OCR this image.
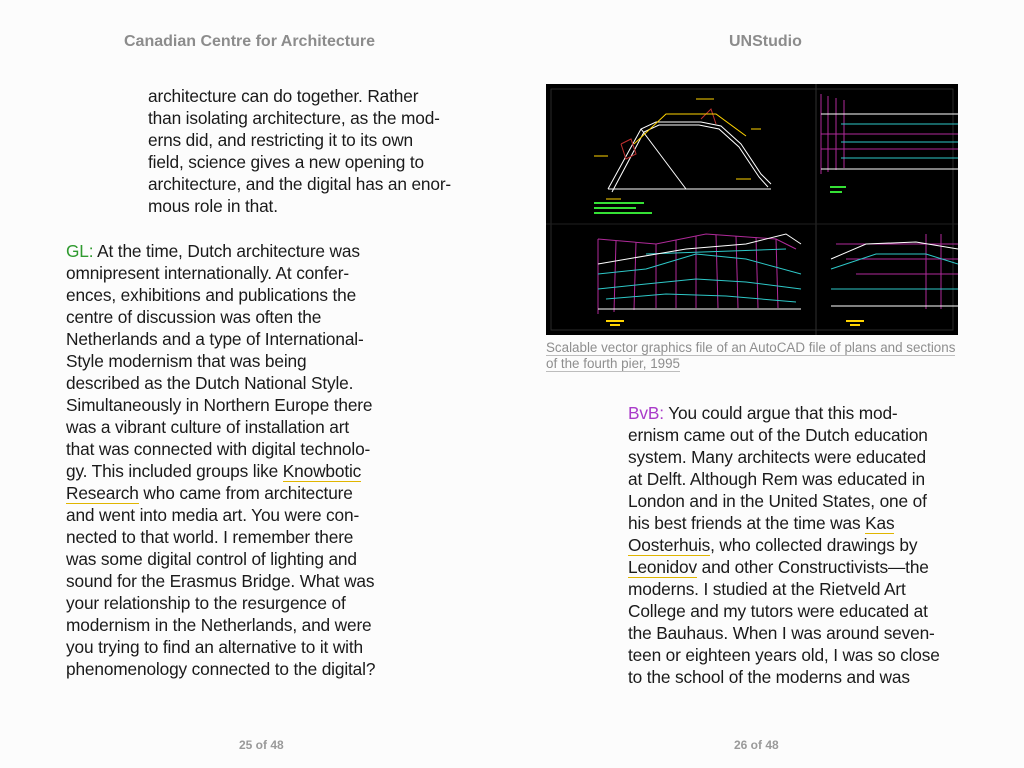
Canadian Centre for Architecture
architecture can do together. Rather
than isolating architecture, as the mod-
erns did, and restricting it to its own
field, science gives a new opening to
architecture, and the digital has an enor-
mous role in that.
GL: At the time, Dutch architecture was
omnipresent internationally. At confer-
ences, exhibitions and publications the
centre of discussion was often the
Netherlands and a type of International-
Style modernism that was being
described as the Dutch National Style.
Simultaneously in Northern Europe there
was a vibrant culture of installation art
that was connected with digital technolo-
gy. This included groups like Knowbotic
Research who came from architecture
and went into media art. You were con-
nected to that world. I remember there
was some digital control of lighting and
sound for the Erasmus Bridge. What was
your relationship to the resurgence of
modernism in the Netherlands, and were
you trying to find an alternative to it with
phenomenology connected to the digital?
25 of 48
UNStudio
Scalable vector graphics file of an AutoCAD file of plans and sections
of the fourth pier, 1995
BvB: You could argue that this mod-
ernism came out of the Dutch education
system. Many architects were educated
at Delft. Although Rem was educated in
London and in the United States, one of
his best friends at the time was Kas
Oosterhuis, who collected drawings by
Leonidov and other Constructivists—the
moderns. I studied at the Rietveld Art
College and my tutors were educated at
the Bauhaus. When I was around seven-
teen or eighteen years old, I was so close
to the school of the moderns and was
26 of 48
